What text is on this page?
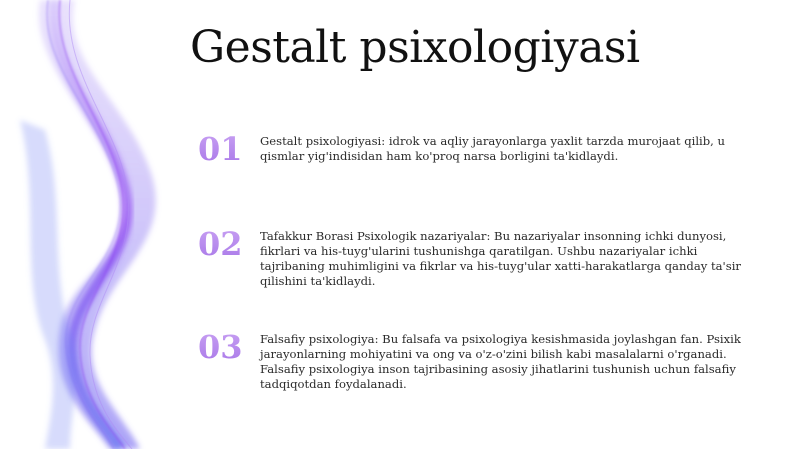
Gestalt psixologiyasi
01 Gestalt psixologiyasi: idrok va aqliy jarayonlarga yaxlit tarzda murojaat qilib, u qismlar yig'indisidan ham ko'proq narsa borligini ta'kidlaydi.
02 Tafakkur Borasi Psixologik nazariyalar: Bu nazariyalar insonning ichki dunyosi, fikrlari va his-tuyg'ularini tushunishga qaratilgan. Ushbu nazariyalar ichki tajribaning muhimligini va fikrlar va his-tuyg'ular xatti-harakatlarga qanday ta'sir qilishini ta'kidlaydi.
03 Falsafiy psixologiya: Bu falsafa va psixologiya kesishmasida joylashgan fan. Psixik jarayonlarning mohiyatini va ong va o'z-o'zini bilish kabi masalalarni o'rganadi. Falsafiy psixologiya inson tajribasining asosiy jihatlarini tushunish uchun falsafiy tadqiqotdan foydalanadi.
